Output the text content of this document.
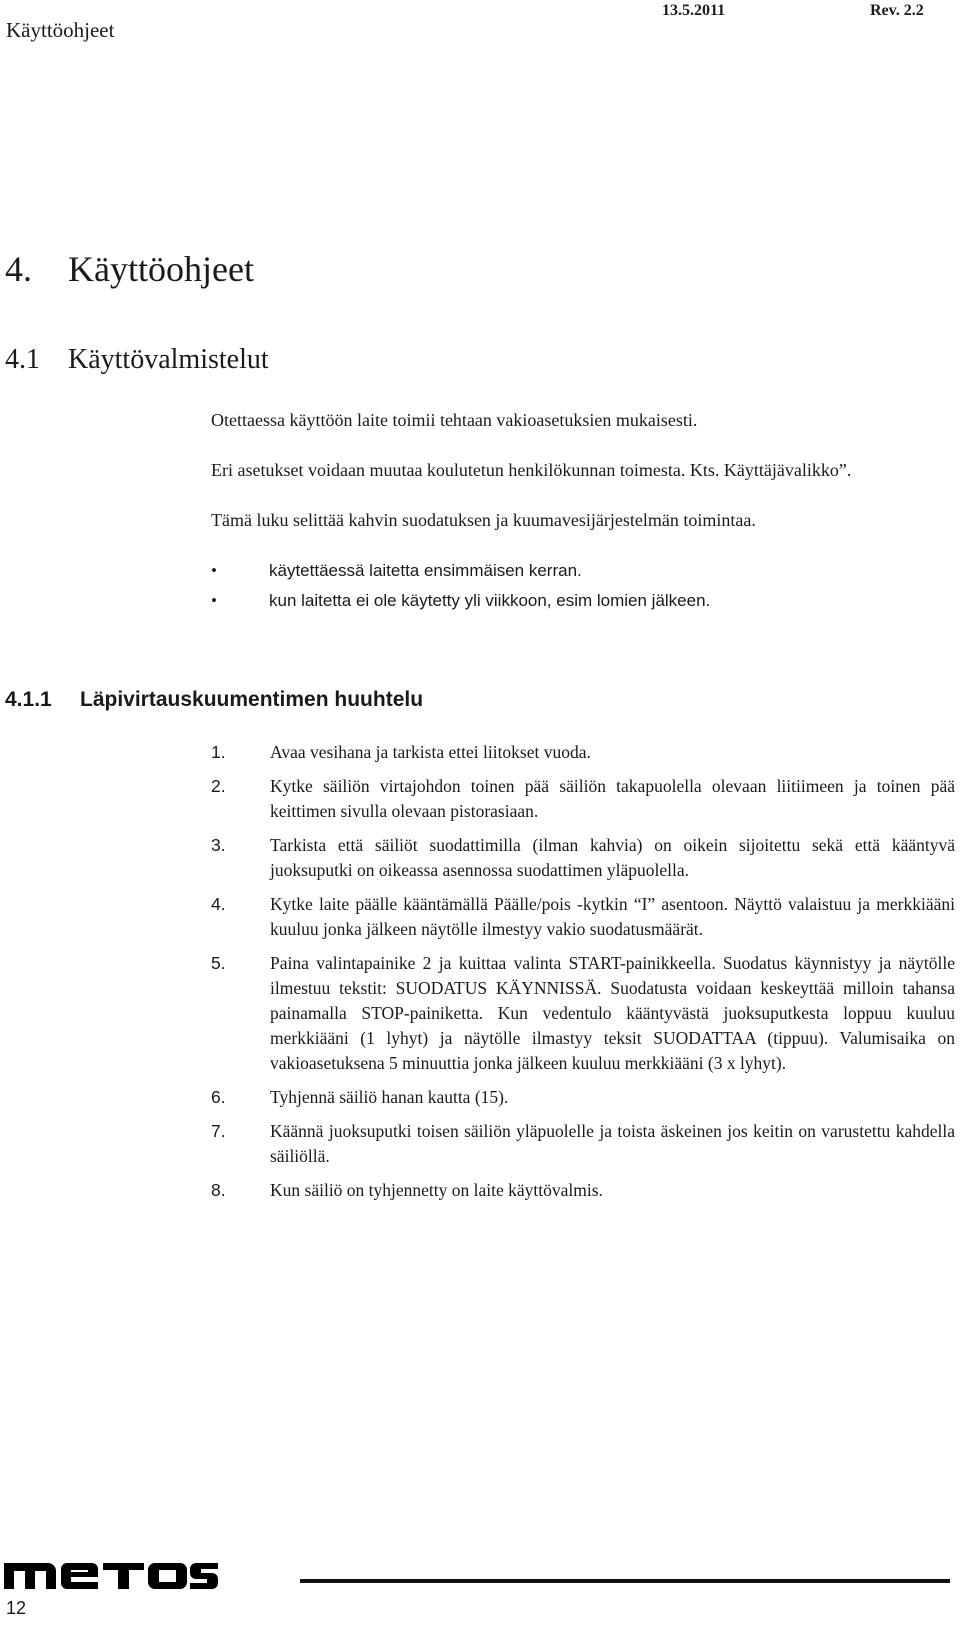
Käyttöohjeet
13.5.2011	Rev. 2.2
4. Käyttöohjeet
4.1 Käyttövalmistelut
Otettaessa käyttöön laite toimii tehtaan vakioasetuksien mukaisesti.
Eri asetukset voidaan muutaa koulutetun henkilökunnan toimesta. Kts. Käyttäjävalikko”.
Tämä luku selittää kahvin suodatuksen ja kuumavesijärjestelmän toimintaa.
•	käytettäessä laitetta ensimmäisen kerran.
•	kun laitetta ei ole käytetty yli viikkoon, esim lomien jälkeen.
4.1.1 Läpivirtauskuumentimen huuhtelu
1.	Avaa vesihana ja tarkista ettei liitokset vuoda.
2.	Kytke säiliön virtajohdon toinen pää säiliön takapuolella olevaan liitiimeen ja toinen pää keittimen sivulla olevaan pistorasiaan.
3.	Tarkista että säiliöt suodattimilla (ilman kahvia) on oikein sijoitettu sekä että kääntyvä juoksuputki on oikeassa asennossa suodattimen yläpuolella.
4.	Kytke laite päälle kääntämällä Päälle/pois -kytkin “I” asentoon. Näyttö valaistuu ja merkkiääni kuuluu jonka jälkeen näytölle ilmestyy vakio suodatusmäärät.
5.	Paina valintapainike 2 ja kuittaa valinta START-painikkeella. Suodatus käynnistyy ja näytölle ilmestuu tekstit: SUODATUS KÄYNNISSÄ. Suodatusta voidaan keskeyttää milloin tahansa painamalla STOP-painiketta. Kun vedentulo kääntyvästä juoksuputkesta loppuu kuuluu merkkiääni (1 lyhyt) ja näytölle ilmastyy teksit SUODATTAA (tippuu). Valumisaika on vakioasetuksena 5 minuuttia jonka jälkeen kuuluu merkkiääni (3 x lyhyt).
6.	Tyhjennä säiliö hanan kautta (15).
7.	Käännä juoksuputki toisen säiliön yläpuolelle ja toista äskeinen jos keitin on varustettu kahdella säiliöllä.
8.	Kun säiliö on tyhjennetty on laite käyttövalmis.
12
